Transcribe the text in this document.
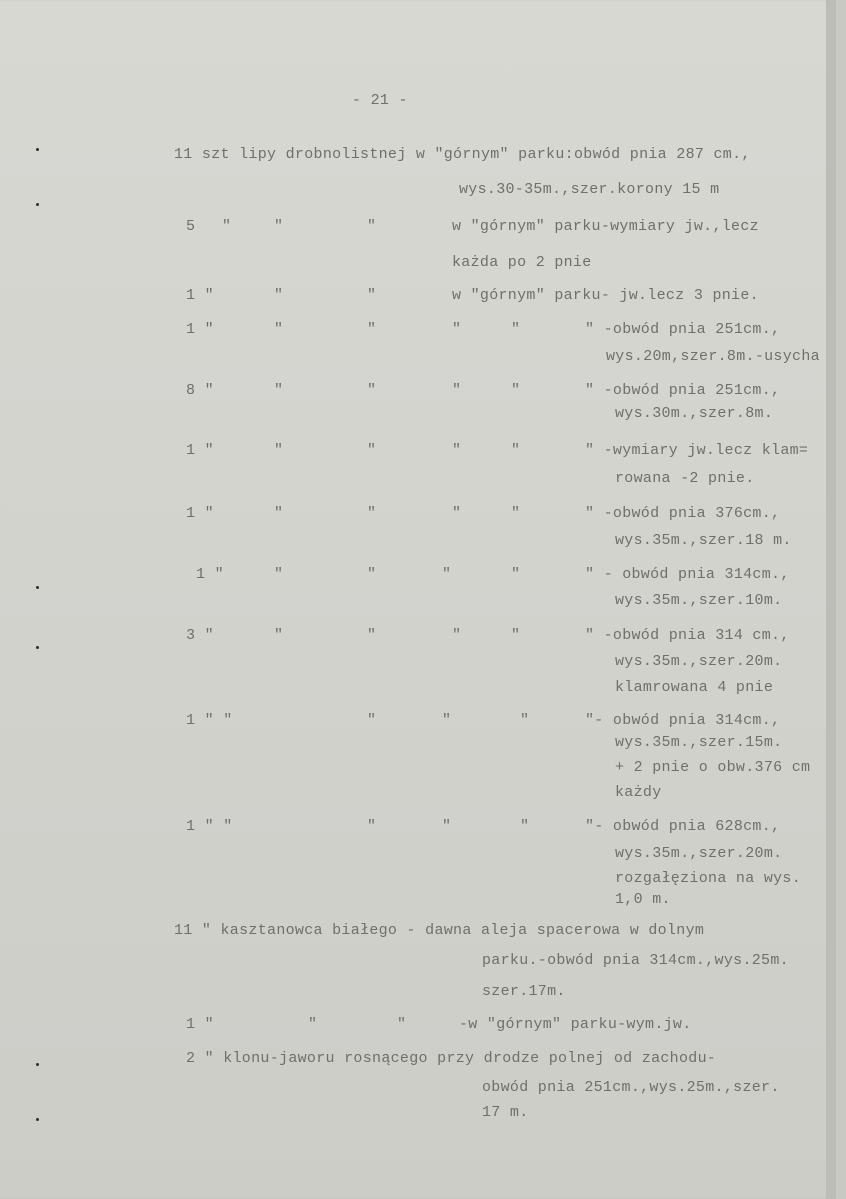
- 21 -
11 szt lipy drobnolistnej w "górnym" parku:obwód pnia 287 cm.,
wys.30-35m.,szer.korony 15 m
5 "	"	"	w "górnym" parku-wymiary jw.,lecz
każda po 2 pnie
1 "	"	"	w "górnym" parku- jw.lecz 3 pnie.
1 "	"	"	"	"	" -obwód pnia 251cm.,
wys.20m,szer.8m.-usycha
8 "	"	"	"	"	" -obwód pnia 251cm.,
wys.30m.,szer.8m.
1 "	"	"	"	"	" -wymiary jw.lecz klam=
rowana -2 pnie.
1 "	"	"	"	"	" -obwód pnia 376cm.,
wys.35m.,szer.18 m.
1 "	"	"	"	"	" - obwód pnia 314cm.,
wys.35m.,szer.10m.
3 "	"	"	"	"	" -obwód pnia 314 cm.,
wys.35m.,szer.20m.
klamrowana 4 pnie
1 " "	"	"	"	"- obwód pnia 314cm.,
wys.35m.,szer.15m.
+ 2 pnie o obw.376 cm
każdy
1 " "	"	"	"	"- obwód pnia 628cm.,
wys.35m.,szer.20m.
rozgałęziona na wys.
1,0 m.
11 " kasztanowca białego - dawna aleja spacerowa w dolnym
parku.-obwód pnia 314cm.,wys.25m.
szer.17m.
1 "	"	"	-w "górnym" parku-wym.jw.
2 " klonu-jaworu rosnącego przy drodze polnej od zachodu-
obwód pnia 251cm.,wys.25m.,szer.
17 m.
